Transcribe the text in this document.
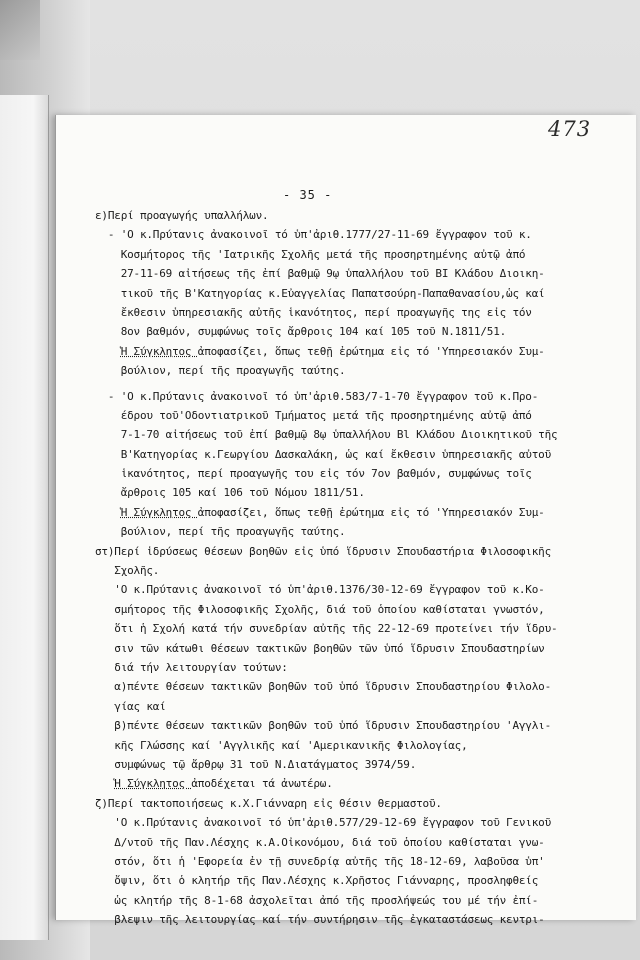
473
- 35 -
ε)Περί προαγωγής υπαλλήλων.
- 'Ο κ.Πρύτανις ἀνακοινοῖ τό ὑπ'ἀριθ.1777/27-11-69 ἔγγραφον τοῦ κ.
Κοσμήτορος τῆς 'Ιατρικῆς Σχολῆς μετά τῆς προσηρτημένης αὐτῷ ἀπό
27-11-69 αἰτήσεως τῆς ἐπί βαθμῷ 9ῳ ὑπαλλήλου τοῦ ΒΙ Κλάδου Διοικη-
τικοῦ τῆς Β'Κατηγορίας κ.Εὐαγγελίας Παπατσούρη-Παπαθανασίου,ὡς καί
ἔκθεσιν ὑπηρεσιακῆς αὐτῆς ἱκανότητος, περί προαγωγῆς της εἰς τόν
8ον βαθμόν, συμφώνως τοῖς ἄρθροις 104 καί 105 τοῦ Ν.1811/51.
Ἡ Σύγκλητος ἀποφασίζει, ὅπως τεθῇ ἐρώτημα εἰς τό 'Υπηρεσιακόν Συμ-
βούλιον, περί τῆς προαγωγῆς ταύτης.
- 'Ο κ.Πρύτανις ἀνακοινοῖ τό ὑπ'ἀριθ.583/7-1-70 ἔγγραφον τοῦ κ.Προ-
έδρου τοῦ'Οδοντιατρικοῦ Τμήματος μετά τῆς προσηρτημένης αὐτῷ ἀπό
7-1-70 αἰτήσεως τοῦ ἐπί βαθμῷ 8ῳ ὑπαλλήλου Βl Κλάδου Διοικητικοῦ τῆς
Β'Κατηγορίας κ.Γεωργίου Δασκαλάκη, ὡς καί ἔκθεσιν ὑπηρεσιακῆς αὐτοῦ
ἱκανότητος, περί προαγωγῆς του εἰς τόν 7ον βαθμόν, συμφώνως τοῖς
ἄρθροις 105 καί 106 τοῦ Νόμου 1811/51.
Ἡ Σύγκλητος ἀποφασίζει, ὅπως τεθῇ ἐρώτημα εἰς τό 'Υπηρεσιακόν Συμ-
βούλιον, περί τῆς προαγωγῆς ταύτης.
στ)Περί ἱδρύσεως θέσεων βοηθῶν εἰς ὑπό ἵδρυσιν Σπουδαστήρια Φιλοσοφικῆς
Σχολῆς.
'Ο κ.Πρύτανις ἀνακοινοῖ τό ὑπ'ἀριθ.1376/30-12-69 ἔγγραφον τοῦ κ.Κο-
σμήτορος τῆς Φιλοσοφικῆς Σχολῆς, διά τοῦ ὁποίου καθίσταται γνωστόν,
ὅτι ἡ Σχολή κατά τήν συνεδρίαν αὐτῆς τῆς 22-12-69 προτείνει τήν ἵδρυ-
σιν τῶν κάτωθι θέσεων τακτικῶν βοηθῶν τῶν ὑπό ἵδρυσιν Σπουδαστηρίων
διά τήν λειτουργίαν τούτων:
α)πέντε θέσεων τακτικῶν βοηθῶν τοῦ ὑπό ἵδρυσιν Σπουδαστηρίου Φιλολο-
γίας καί
β)πέντε θέσεων τακτικῶν βοηθῶν τοῦ ὑπό ἵδρυσιν Σπουδαστηρίου 'Αγγλι-
κῆς Γλώσσης καί 'Αγγλικῆς καί 'Αμερικανικῆς Φιλολογίας,
συμφώνως τῷ ἄρθρῳ 31 τοῦ Ν.Διατάγματος 3974/59.
Ἡ Σύγκλητος ἀποδέχεται τά ἀνωτέρω.
ζ)Περί τακτοποιήσεως κ.Χ.Γιάνναρη εἰς θέσιν θερμαστοῦ.
'Ο κ.Πρύτανις ἀνακοινοῖ τό ὑπ'ἀριθ.577/29-12-69 ἔγγραφον τοῦ Γενικοῦ
Δ/ντοῦ τῆς Παν.Λέσχης κ.Α.Οἰκονόμου, διά τοῦ ὁποίου καθίσταται γνω-
στόν, ὅτι ἡ 'Εφορεία ἐν τῇ συνεδρίᾳ αὐτῆς τῆς 18-12-69, λαβοῦσα ὑπ'
ὄψιν, ὅτι ὁ κλητήρ τῆς Παν.Λέσχης κ.Χρῆστος Γιάνναρης, προσληφθείς
ὡς κλητήρ τῆς 8-1-68 ἀσχολεῖται ἀπό τῆς προσλήψεώς του μέ τήν ἐπί-
βλεψιν τῆς λειτουργίας καί τήν συντήρησιν τῆς ἐγκαταστάσεως κεντρι-
